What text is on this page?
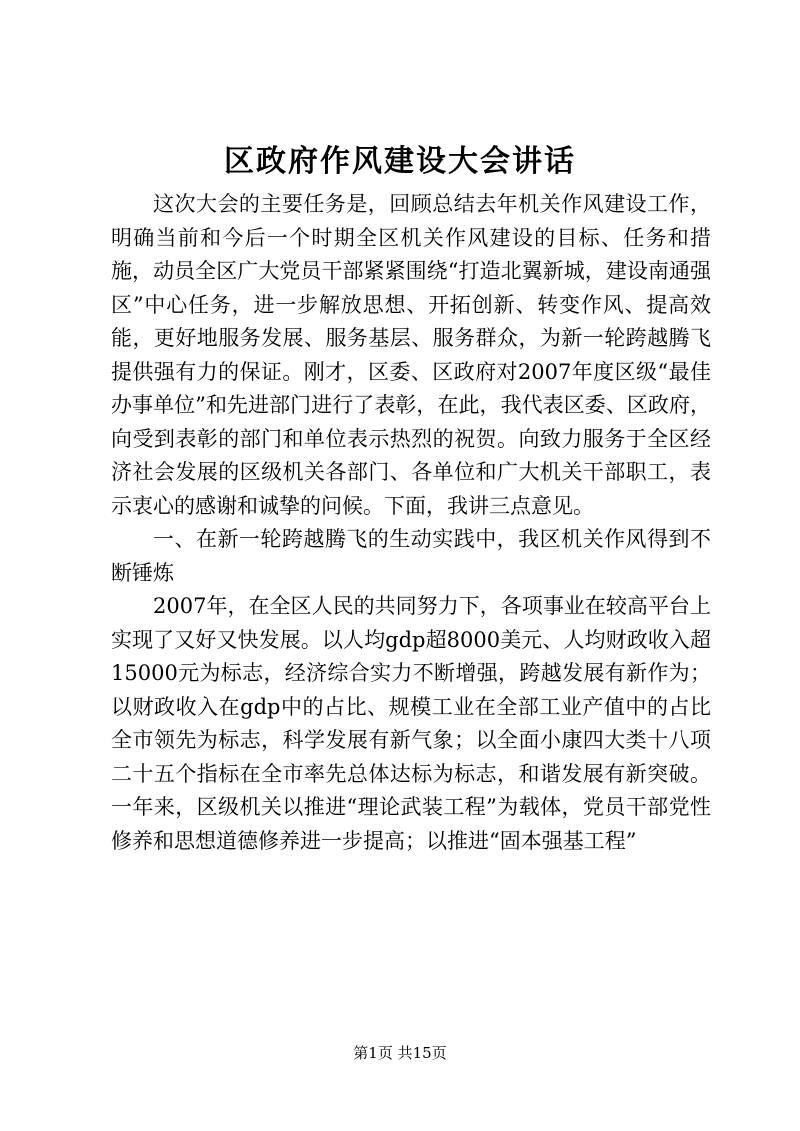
区政府作风建设大会讲话

这次大会的主要任务是，回顾总结去年机关作风建设工作，明确当前和今后一个时期全区机关作风建设的目标、任务和措施，动员全区广大党员干部紧紧围绕“打造北翼新城，建设南通强区”中心任务，进一步解放思想、开拓创新、转变作风、提高效能，更好地服务发展、服务基层、服务群众，为新一轮跨越腾飞提供强有力的保证。刚才，区委、区政府对2007年度区级“最佳办事单位”和先进部门进行了表彰，在此，我代表区委、区政府，向受到表彰的部门和单位表示热烈的祝贺。向致力服务于全区经济社会发展的区级机关各部门、各单位和广大机关干部职工，表示衷心的感谢和诚挚的问候。下面，我讲三点意见。

一、在新一轮跨越腾飞的生动实践中，我区机关作风得到不断锤炼

2007年，在全区人民的共同努力下，各项事业在较高平台上实现了又好又快发展。以人均gdp超8000美元、人均财政收入超15000元为标志，经济综合实力不断增强，跨越发展有新作为；以财政收入在gdp中的占比、规模工业在全部工业产值中的占比全市领先为标志，科学发展有新气象；以全面小康四大类十八项二十五个指标在全市率先总体达标为标志，和谐发展有新突破。一年来，区级机关以推进“理论武装工程”为载体，党员干部党性修养和思想道德修养进一步提高；以推进“固本强基工程”

第1页 共15页
